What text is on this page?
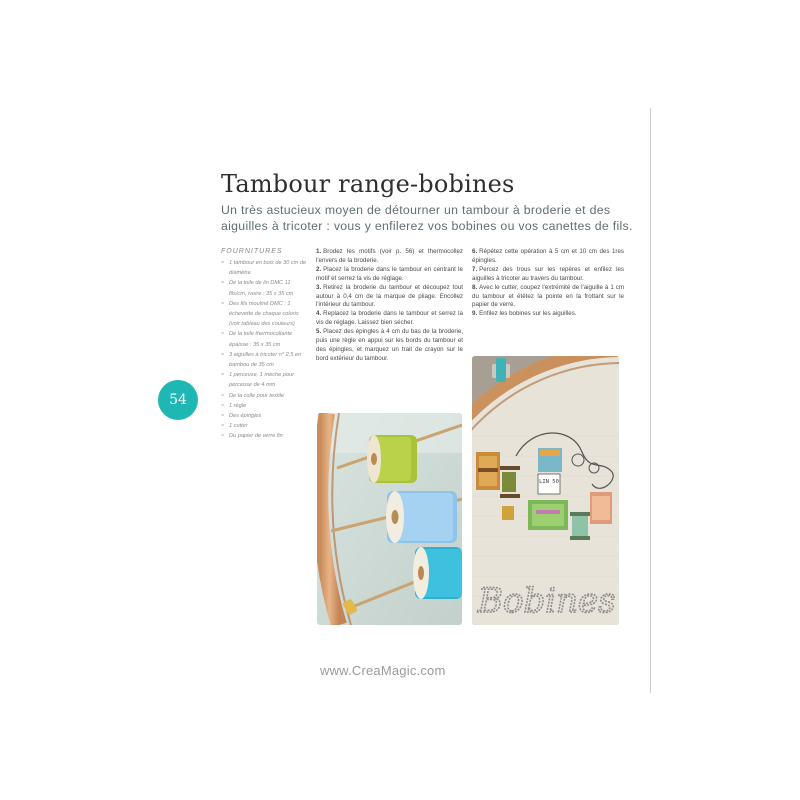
Tambour range-bobines

Un très astucieux moyen de détourner un tambour à broderie et des aiguilles à tricoter : vous y enfilerez vos bobines ou vos canettes de fils.

54
FOURNITURES
≈ 1 tambour en bois de 30 cm de diamètre
≈ De la toile de lin DMC 11 fils/cm, ivoire : 35 x 35 cm
≈ Des fils mouliné DMC : 1 échevette de chaque coloris (voir tableau des couleurs)
≈ De la toile thermocollante épaisse : 35 x 35 cm
≈ 3 aiguilles à tricoter n° 2,5 en bambou de 35 cm
≈ 1 perceuse, 1 mèche pour perceuse de 4 mm
≈ De la colle pour textile
≈ 1 règle
≈ Des épingles
≈ 1 cutter
≈ Du papier de verre fin

1. Brodez les motifs (voir p. 56) et thermocollez l'envers de la broderie.

2. Placez la broderie dans le tambour en centrant le motif et serrez la vis de réglage.

3. Retirez la broderie du tambour et découpez tout autour à 0,4 cm de la marque de pliage. Encollez l'intérieur du tambour.

4. Replacez la broderie dans le tambour et serrez la vis de réglage. Laissez bien sécher.

5. Placez des épingles à 4 cm du bas de la broderie, puis une règle en appui sur les bords du tambour et des épingles, et marquez un trait de crayon sur le bord extérieur du tambour.

6. Répétez cette opération à 5 cm et 10 cm des 1res épingles.

7. Percez des trous sur les repères et enfilez les aiguilles à tricoter au travers du tambour.

8. Avec le cutter, coupez l'extrémité de l'aiguille à 1 cm du tambour et étêtez la pointe en la frottant sur le papier de verre.

9. Enfilez les bobines sur les aiguilles.

LIN 50
Bobines
www.CreaMagic.com
